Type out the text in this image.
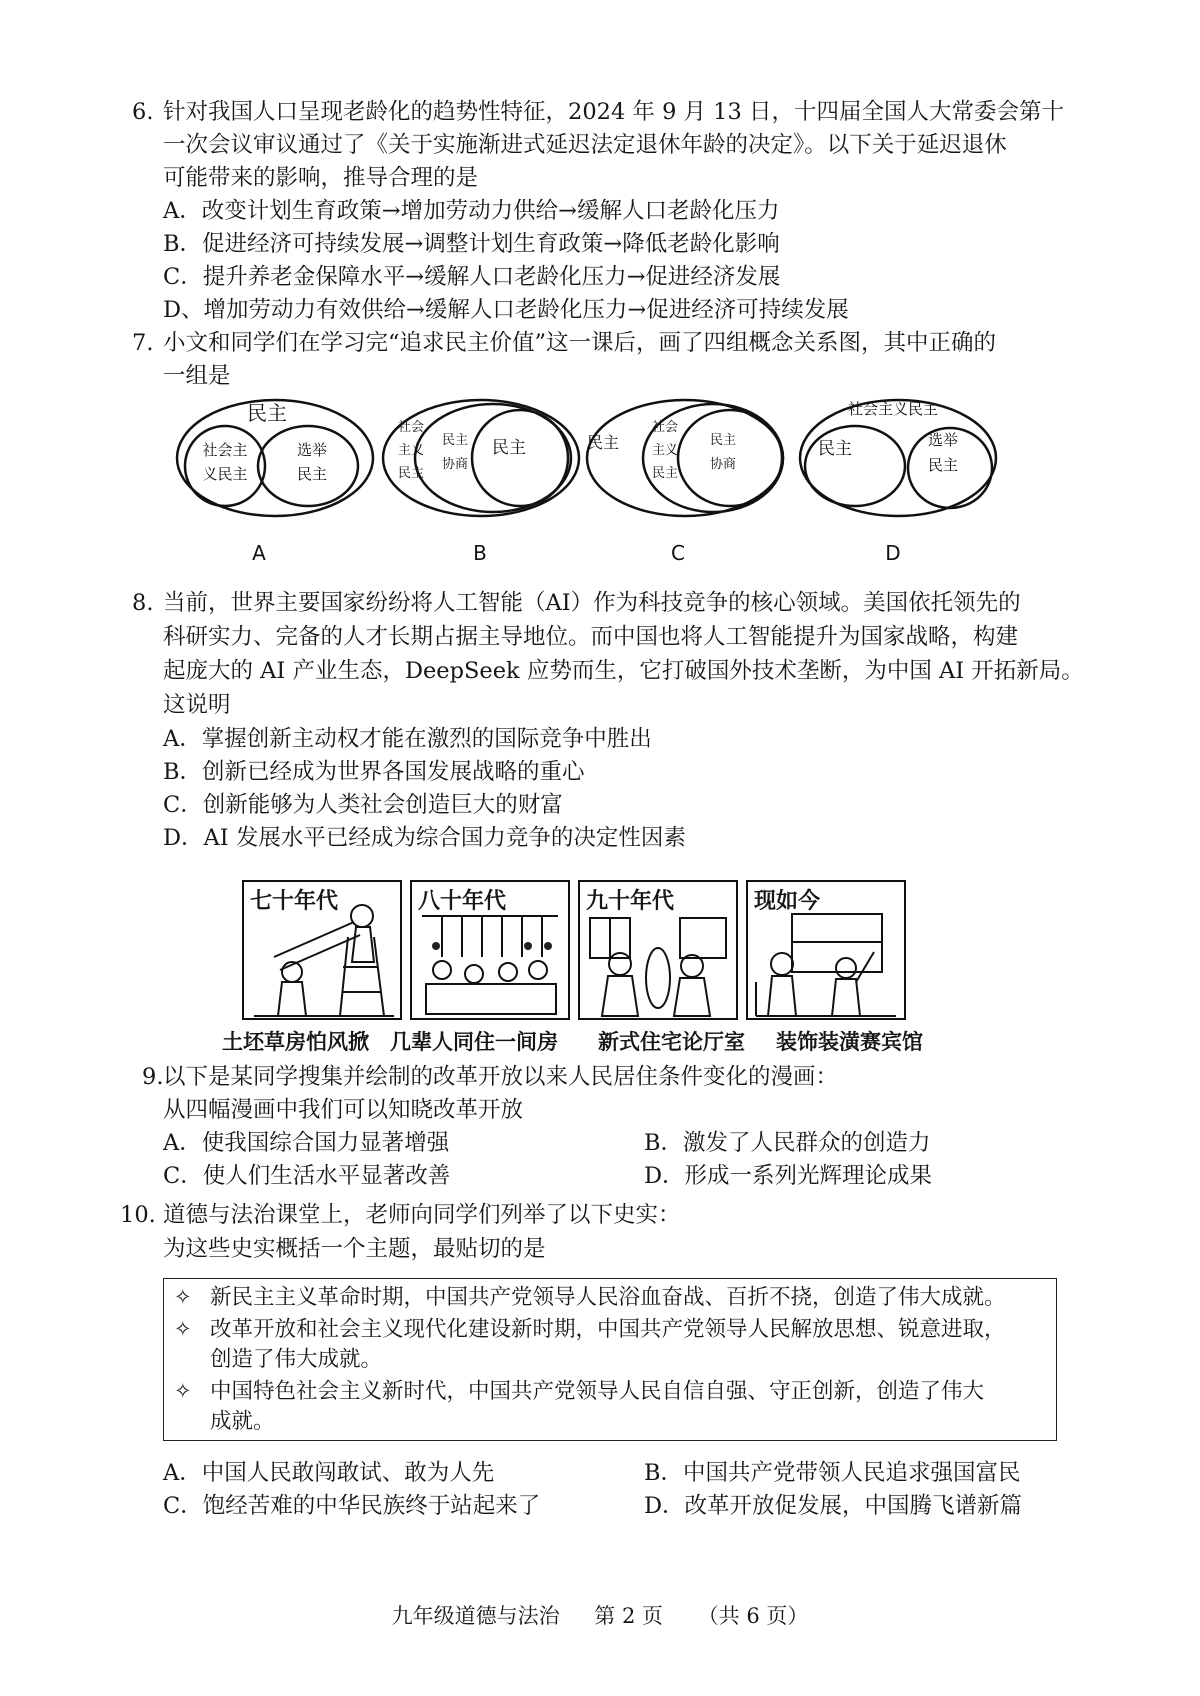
6. 针对我国人口呈现老龄化的趋势性特征，2024 年 9 月 13 日，十四届全国人大常委会第十
一次会议审议通过了《关于实施渐进式延迟法定退休年龄的决定》。以下关于延迟退休
可能带来的影响，推导合理的是
A．改变计划生育政策→增加劳动力供给→缓解人口老龄化压力
B．促进经济可持续发展→调整计划生育政策→降低老龄化影响
C．提升养老金保障水平→缓解人口老龄化压力→促进经济发展
D、增加劳动力有效供给→缓解人口老龄化压力→促进经济可持续发展
7. 小文和同学们在学习完“追求民主价值”这一课后，画了四组概念关系图，其中正确的
一组是
民主
社会主
义民主
选举
民主
A
社会
主义
民主
民主
协商
民主
B
民主
社会
主义
民主
民主
协商
C
社会主义民主
民主	选举
民主
D
8. 当前，世界主要国家纷纷将人工智能（AI）作为科技竞争的核心领域。美国依托领先的
科研实力、完备的人才长期占据主导地位。而中国也将人工智能提升为国家战略，构建
起庞大的 AI 产业生态，DeepSeek 应势而生，它打破国外技术垄断，为中国 AI 开拓新局。
这说明
A．掌握创新主动权才能在激烈的国际竞争中胜出
B．创新已经成为世界各国发展战略的重心
C．创新能够为人类社会创造巨大的财富
D．AI 发展水平已经成为综合国力竞争的决定性因素
七十年代	八十年代	九十年代	现如今
土坯草房怕风掀 几辈人同住一间房 新式住宅论厅室 装饰装潢赛宾馆
9. 以下是某同学搜集并绘制的改革开放以来人民居住条件变化的漫画：
从四幅漫画中我们可以知晓改革开放
A．使我国综合国力显著增强	B．激发了人民群众的创造力
C．使人们生活水平显著改善	D．形成一系列光辉理论成果
10. 道德与法治课堂上，老师向同学们列举了以下史实：
为这些史实概括一个主题，最贴切的是
✧ 新民主主义革命时期，中国共产党领导人民浴血奋战、百折不挠，创造了伟大成就。
✧ 改革开放和社会主义现代化建设新时期，中国共产党领导人民解放思想、锐意进取，
创造了伟大成就。
✧ 中国特色社会主义新时代，中国共产党领导人民自信自强、守正创新，创造了伟大
成就。
A．中国人民敢闯敢试、敢为人先	B．中国共产党带领人民追求强国富民
C．饱经苦难的中华民族终于站起来了	D．改革开放促发展，中国腾飞谱新篇
九年级道德与法治 第 2 页 （共 6 页）
